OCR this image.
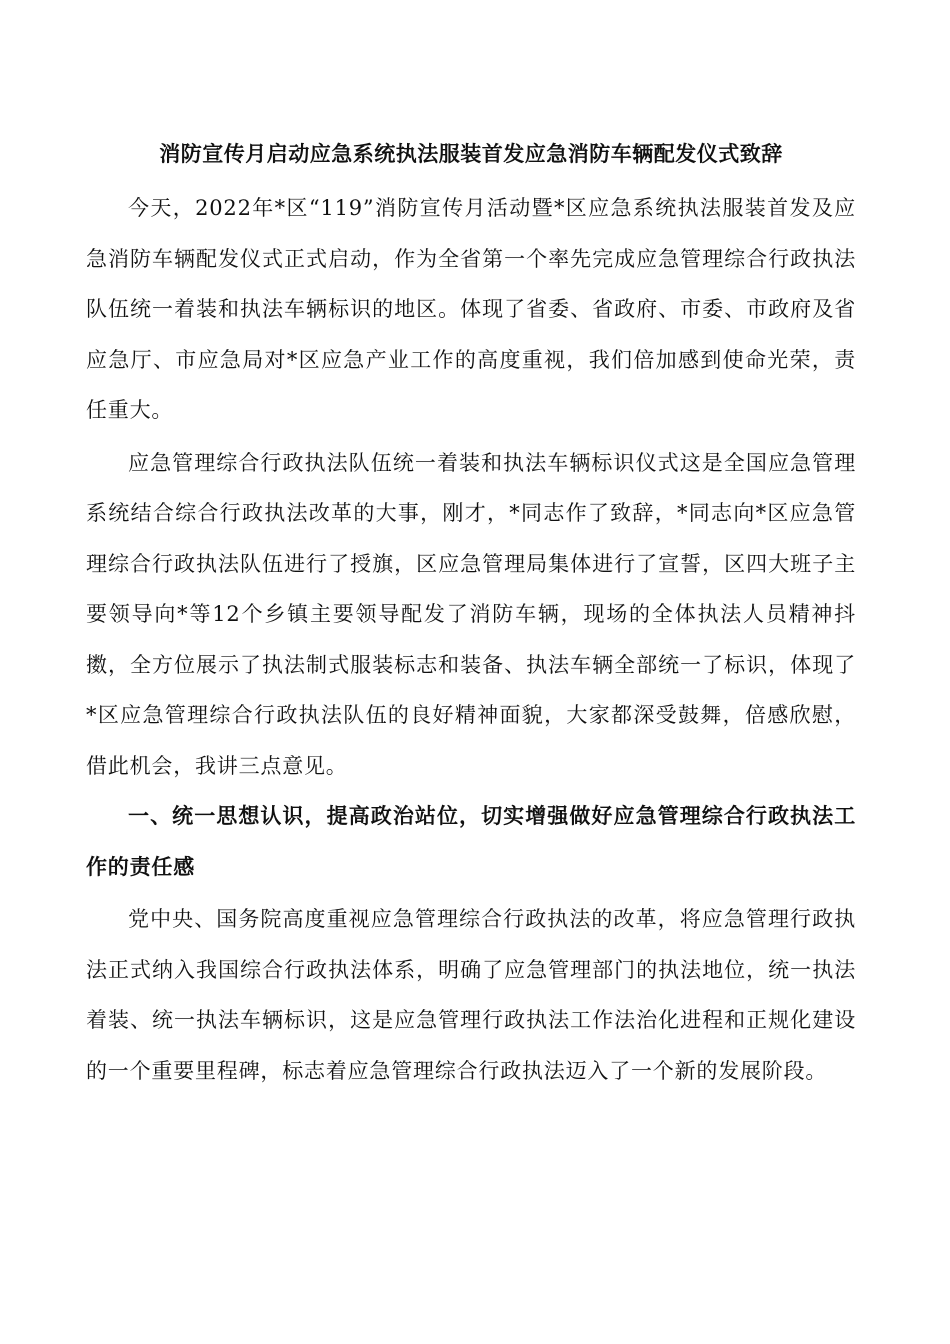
消防宣传月启动应急系统执法服装首发应急消防车辆配发仪式致辞

今天，2022年*区“119”消防宣传月活动暨*区应急系统执法服装首发及应急消防车辆配发仪式正式启动，作为全省第一个率先完成应急管理综合行政执法队伍统一着装和执法车辆标识的地区。体现了省委、省政府、市委、市政府及省应急厅、市应急局对*区应急产业工作的高度重视，我们倍加感到使命光荣，责任重大。

应急管理综合行政执法队伍统一着装和执法车辆标识仪式这是全国应急管理系统结合综合行政执法改革的大事，刚才，*同志作了致辞，*同志向*区应急管理综合行政执法队伍进行了授旗，区应急管理局集体进行了宣誓，区四大班子主要领导向*等12个乡镇主要领导配发了消防车辆，现场的全体执法人员精神抖擞，全方位展示了执法制式服装标志和装备、执法车辆全部统一了标识，体现了*区应急管理综合行政执法队伍的良好精神面貌，大家都深受鼓舞，倍感欣慰，借此机会，我讲三点意见。

一、统一思想认识，提高政治站位，切实增强做好应急管理综合行政执法工作的责任感

党中央、国务院高度重视应急管理综合行政执法的改革，将应急管理行政执法正式纳入我国综合行政执法体系，明确了应急管理部门的执法地位，统一执法着装、统一执法车辆标识，这是应急管理行政执法工作法治化进程和正规化建设的一个重要里程碑，标志着应急管理综合行政执法迈入了一个新的发展阶段。
